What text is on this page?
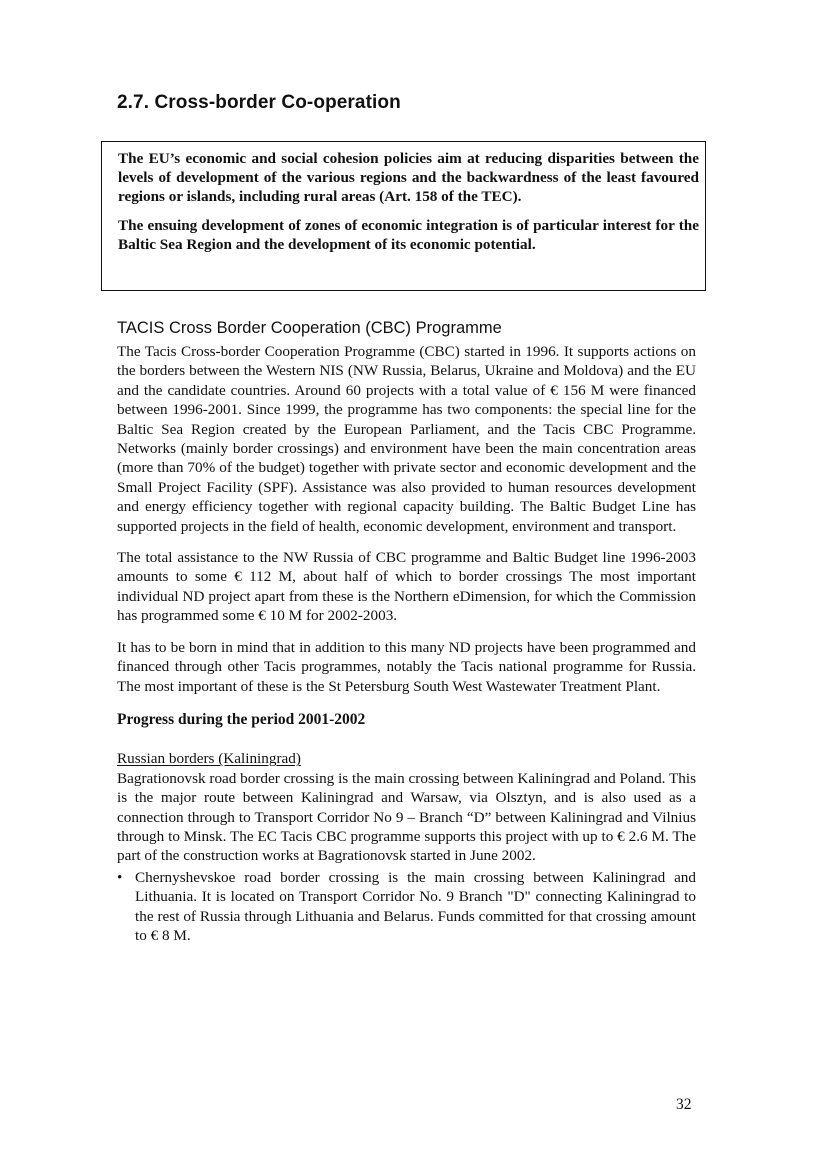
2.7. Cross-border Co-operation

The EU’s economic and social cohesion policies aim at reducing disparities between the levels of development of the various regions and the backwardness of the least favoured regions or islands, including rural areas (Art. 158 of the TEC).

The ensuing development of zones of economic integration is of particular interest for the Baltic Sea Region and the development of its economic potential.

TACIS Cross Border Cooperation (CBC) Programme

The Tacis Cross-border Cooperation Programme (CBC) started in 1996. It supports actions on the borders between the Western NIS (NW Russia, Belarus, Ukraine and Moldova) and the EU and the candidate countries. Around 60 projects with a total value of € 156 M were financed between 1996-2001. Since 1999, the programme has two components: the special line for the Baltic Sea Region created by the European Parliament, and the Tacis CBC Programme. Networks (mainly border crossings) and environment have been the main concentration areas (more than 70% of the budget) together with private sector and economic development and the Small Project Facility (SPF). Assistance was also provided to human resources development and energy efficiency together with regional capacity building. The Baltic Budget Line has supported projects in the field of health, economic development, environment and transport.

The total assistance to the NW Russia of CBC programme and Baltic Budget line 1996-2003 amounts to some € 112 M, about half of which to border crossings The most important individual ND project apart from these is the Northern eDimension, for which the Commission has programmed some € 10 M for 2002-2003.

It has to be born in mind that in addition to this many ND projects have been programmed and financed through other Tacis programmes, notably the Tacis national programme for Russia. The most important of these is the St Petersburg South West Wastewater Treatment Plant.

Progress during the period 2001-2002
Russian borders (Kaliningrad)

Bagrationovsk road border crossing is the main crossing between Kaliningrad and Poland. This is the major route between Kaliningrad and Warsaw, via Olsztyn, and is also used as a connection through to Transport Corridor No 9 – Branch “D” between Kaliningrad and Vilnius through to Minsk. The EC Tacis CBC programme supports this project with up to € 2.6 M. The part of the construction works at Bagrationovsk started in June 2002.

• Chernyshevskoe road border crossing is the main crossing between Kaliningrad and Lithuania. It is located on Transport Corridor No. 9 Branch "D" connecting Kaliningrad to the rest of Russia through Lithuania and Belarus. Funds committed for that crossing amount to € 8 M.
32
